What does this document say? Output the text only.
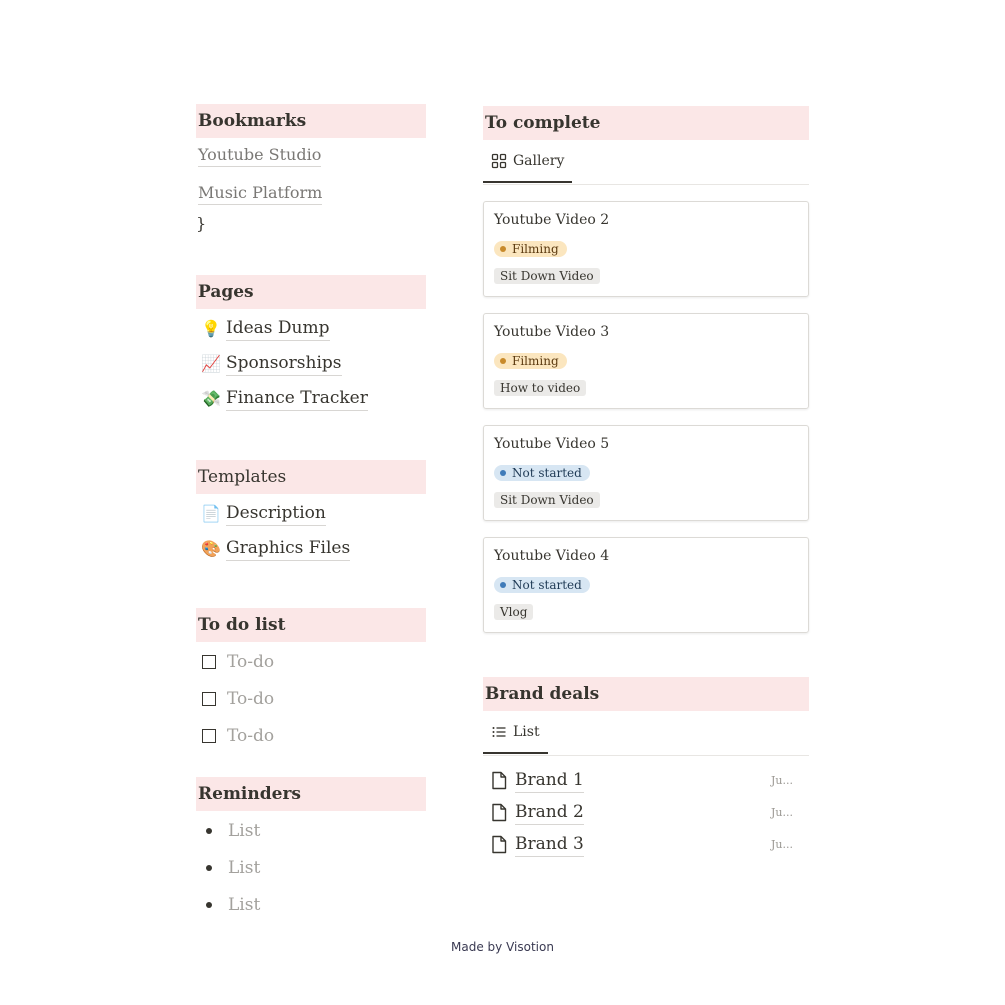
Bookmarks
Youtube Studio
Music Platform
}
Pages
💡 Ideas Dump
📈 Sponsorships
💸 Finance Tracker
Templates
📄 Description
🎨 Graphics Files
To do list
To-do
To-do
To-do
Reminders
List
List
List
To complete
Gallery
Youtube Video 2
Filming
Sit Down Video
Youtube Video 3
Filming
How to video
Youtube Video 5
Not started
Sit Down Video
Youtube Video 4
Not started
Vlog
Brand deals
List
Brand 1	Ju...
Brand 2	Ju...
Brand 3	Ju...
Made by Visotion
